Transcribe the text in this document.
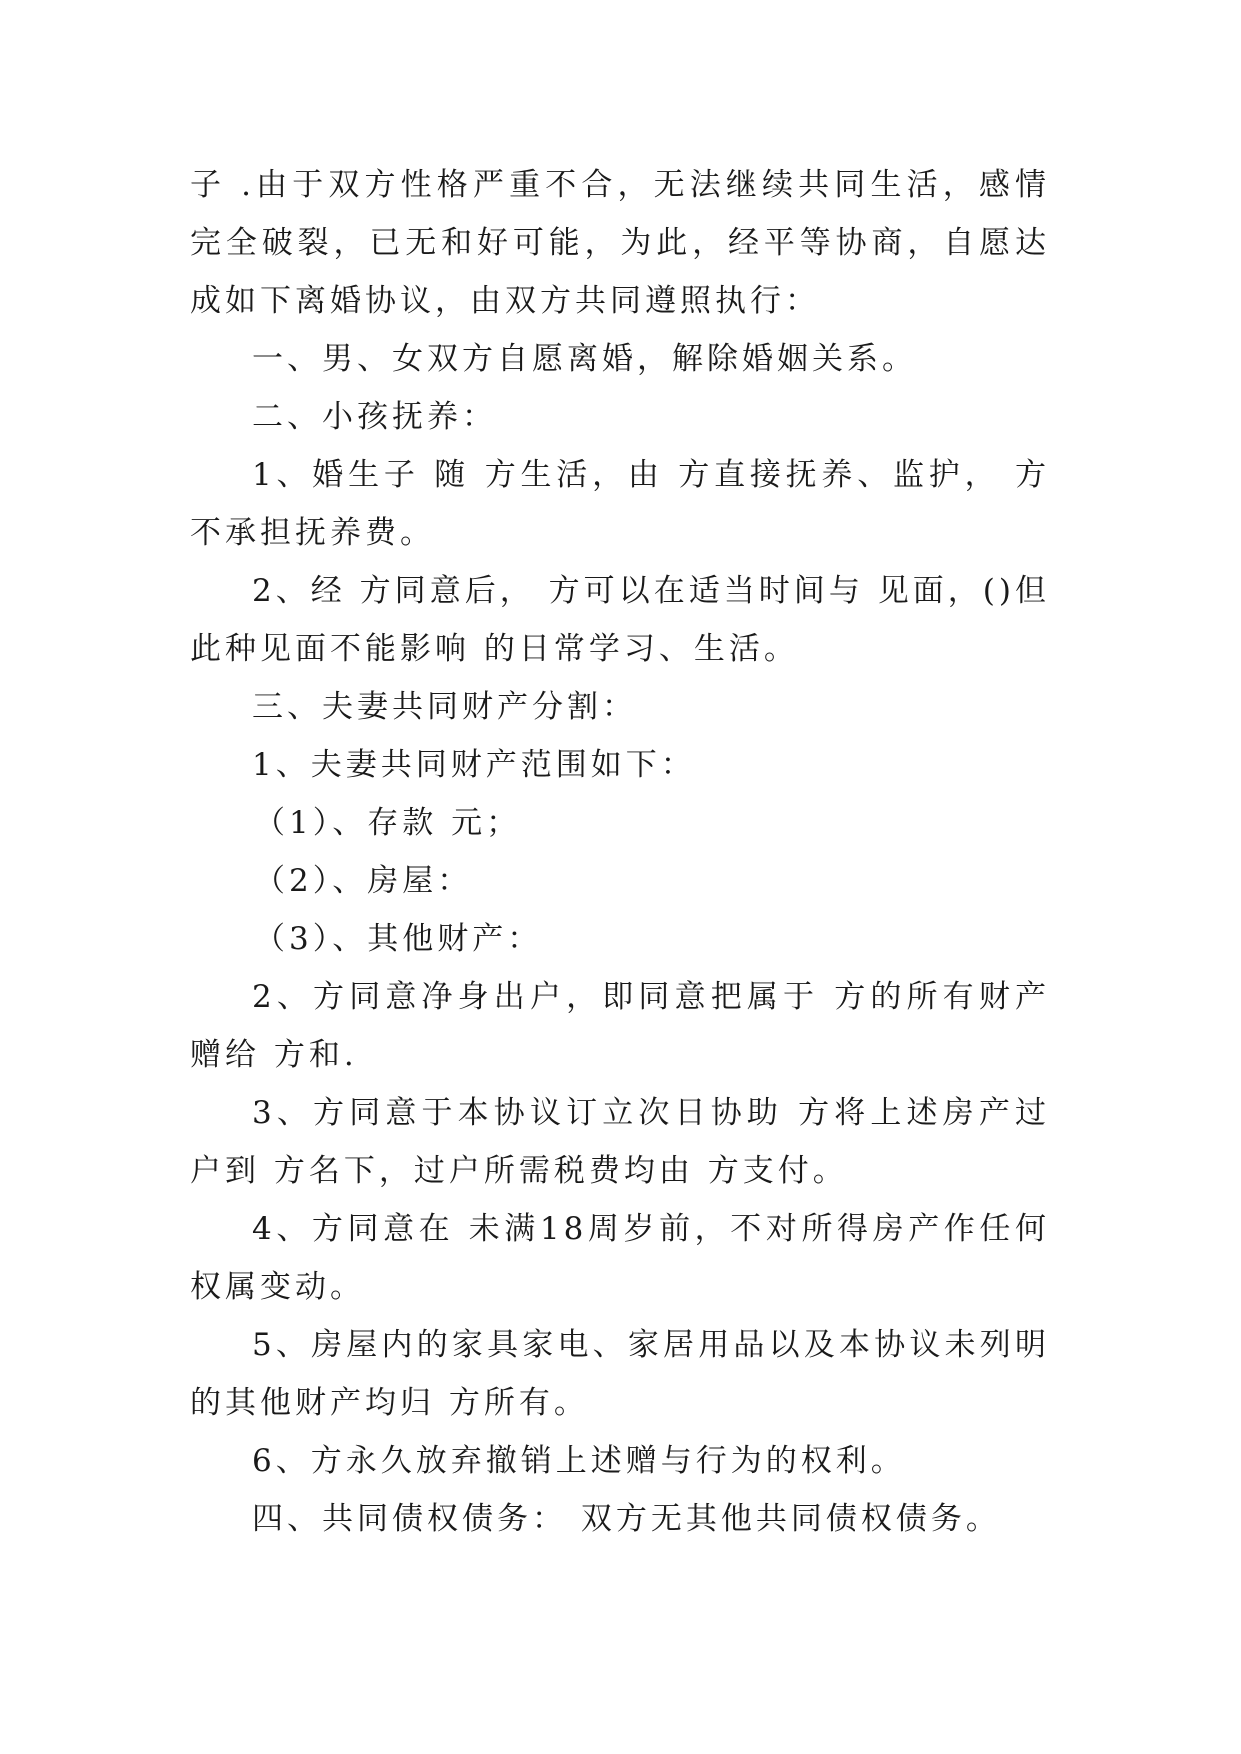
子 .由于双方性格严重不合，无法继续共同生活，感情完全破裂，已无和好可能，为此，经平等协商，自愿达成如下离婚协议，由双方共同遵照执行：

一、男、女双方自愿离婚，解除婚姻关系。

二、小孩抚养：

1、婚生子 随 方生活，由 方直接抚养、监护， 方不承担抚养费。

2、经 方同意后， 方可以在适当时间与 见面，()但此种见面不能影响 的日常学习、生活。

三、夫妻共同财产分割：

1、夫妻共同财产范围如下：

（1）、存款 元；

（2）、房屋：

（3）、其他财产：

2、方同意净身出户，即同意把属于 方的所有财产赠给 方和.

3、方同意于本协议订立次日协助 方将上述房产过户到 方名下，过户所需税费均由 方支付。

4、方同意在 未满18周岁前，不对所得房产作任何权属变动。

5、房屋内的家具家电、家居用品以及本协议未列明的其他财产均归 方所有。

6、方永久放弃撤销上述赠与行为的权利。

四、共同债权债务： 双方无其他共同债权债务。
